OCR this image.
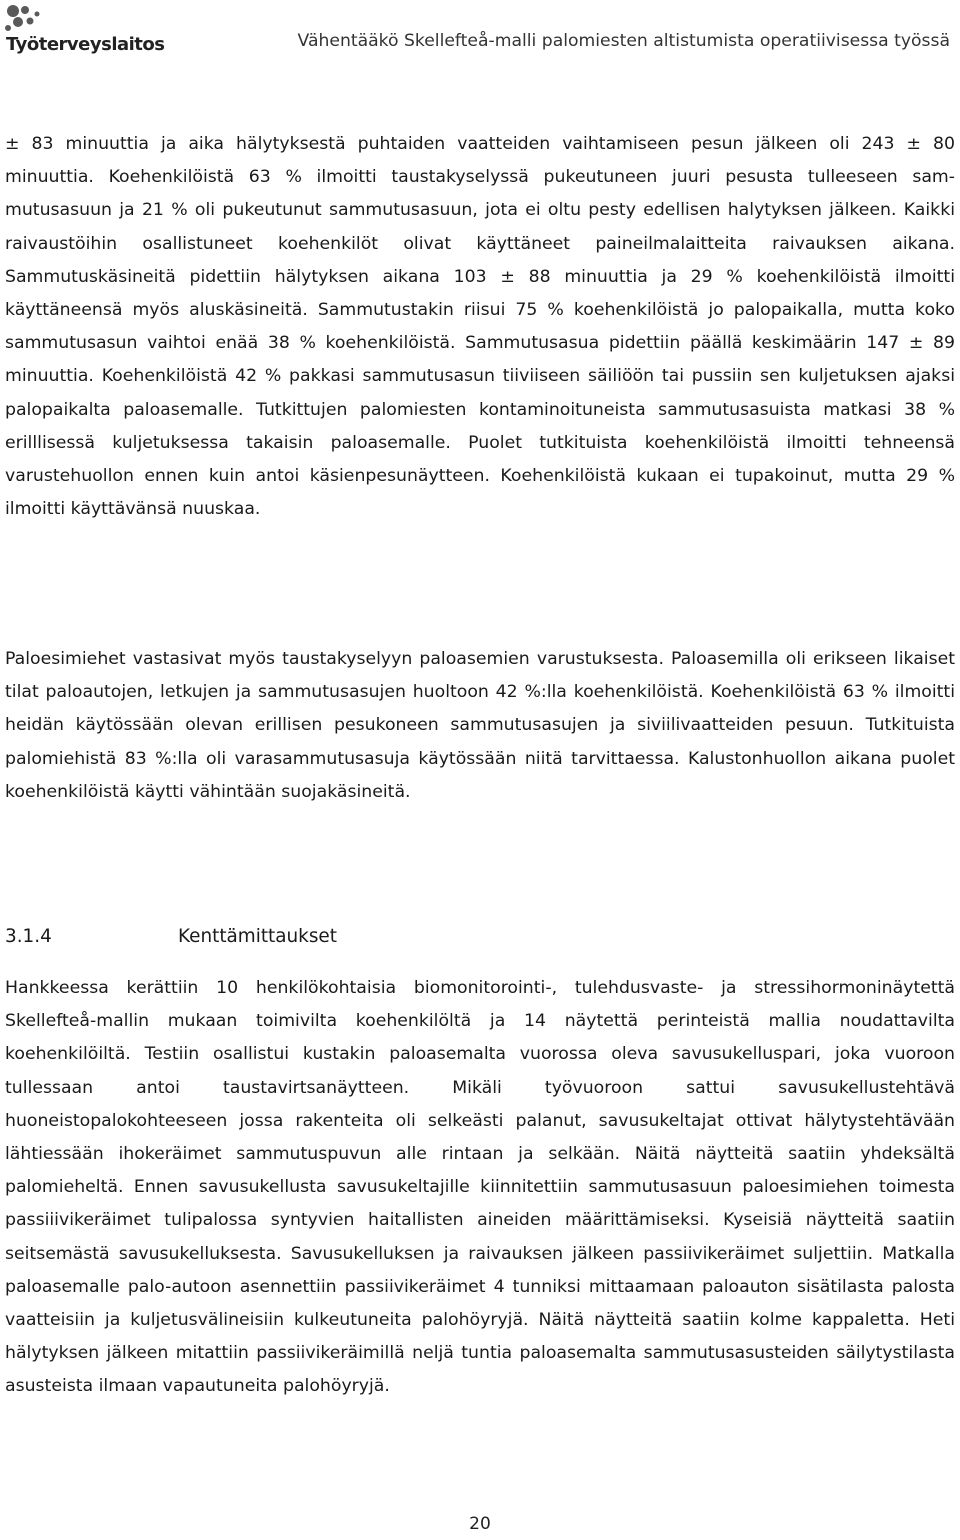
Työterveyslaitos	Vähentääkö Skellefteå-malli palomiesten altistumista operatiivisessa työssä

± 83 minuuttia ja aika hälytyksestä puhtaiden vaatteiden vaihtamiseen pesun jälkeen oli 243 ± 80 minuuttia. Koehenkilöistä 63 % ilmoitti taustakyselyssä pukeutuneen juuri pesusta tulleeseen sammutusasuun ja 21 % oli pukeutunut sammutusasuun, jota ei oltu pesty edellisen halytyksen jälkeen. Kaikki raivaustöihin osallistuneet koehenkilöt olivat käyttäneet paineilmalaitteita raivauksen aikana. Sammutuskäsineitä pidettiin hälytyksen aikana 103 ± 88 minuuttia ja 29 % koehenkilöistä ilmoitti käyttäneensä myös aluskäsineitä. Sammutustakin riisui 75 % koehenkilöistä jo palopaikalla, mutta koko sammutusasun vaihtoi enää 38 % koehenkilöistä. Sammutusasua pidettiin päällä keskimäärin 147 ± 89 minuuttia. Koehenkilöistä 42 % pakkasi sammutusasun tiiviiseen säiliöön tai pussiin sen kuljetuksen ajaksi palopaikalta paloasemalle. Tutkittujen palomiesten kontaminoituneista sammutusasuista matkasi 38 % erilllisessä kuljetuksessa takaisin paloasemalle. Puolet tutkituista koehenkilöistä ilmoitti tehneensä varustehuollon ennen kuin antoi käsienpesunäytteen. Koehenkilöistä kukaan ei tupakoinut, mutta 29 % ilmoitti käyttävänsä nuuskaa.

Paloesimiehet vastasivat myös taustakyselyyn paloasemien varustuksesta. Paloasemilla oli erikseen likaiset tilat paloautojen, letkujen ja sammutusasujen huoltoon 42 %:lla koehenkilöistä. Koehenkilöistä 63 % ilmoitti heidän käytössään olevan erillisen pesukoneen sammutusasujen ja siviilivaatteiden pesuun. Tutkituista palomiehistä 83 %:lla oli varasammutusasuja käytössään niitä tarvittaessa. Kalustonhuollon aikana puolet koehenkilöistä käytti vähintään suojakäsineitä.

3.1.4	Kenttämittaukset

Hankkeessa kerättiin 10 henkilökohtaisia biomonitorointi-, tulehdusvaste- ja stressihormoninäytettä Skellefteå-mallin mukaan toimivilta koehenkilöltä ja 14 näytettä perinteistä mallia noudattavilta koehenkilöiltä. Testiin osallistui kustakin paloasemalta vuorossa oleva savusukelluspari, joka vuoroon tullessaan antoi taustavirtsanäytteen. Mikäli työvuoroon sattui savusukellustehtävä huoneistopalokohteeseen jossa rakenteita oli selkeästi palanut, savusukeltajat ottivat hälytystehtävään lähtiessään ihokeräimet sammutuspuvun alle rintaan ja selkään. Näitä näytteitä saatiin yhdeksältä palomieheltä. Ennen savusukellusta savusukeltajille kiinnitettiin sammutusasuun paloesimiehen toimesta passiiivikeräimet tulipalossa syntyvien haitallisten aineiden määrittämiseksi. Kyseisiä näytteitä saatiin seitsemästä savusukelluksesta. Savusukelluksen ja raivauksen jälkeen passiivikeräimet suljettiin. Matkalla paloasemalle palo-autoon asennettiin passiivikeräimet 4 tunniksi mittaamaan paloauton sisätilasta palosta vaatteisiin ja kuljetusvälineisiin kulkeutuneita palohöyryjä. Näitä näytteitä saatiin kolme kappaletta. Heti hälytyksen jälkeen mitattiin passiivikeräimillä neljä tuntia paloasemalta sammutusasusteiden säilytystilasta asusteista ilmaan vapautuneita palohöyryjä.

20
